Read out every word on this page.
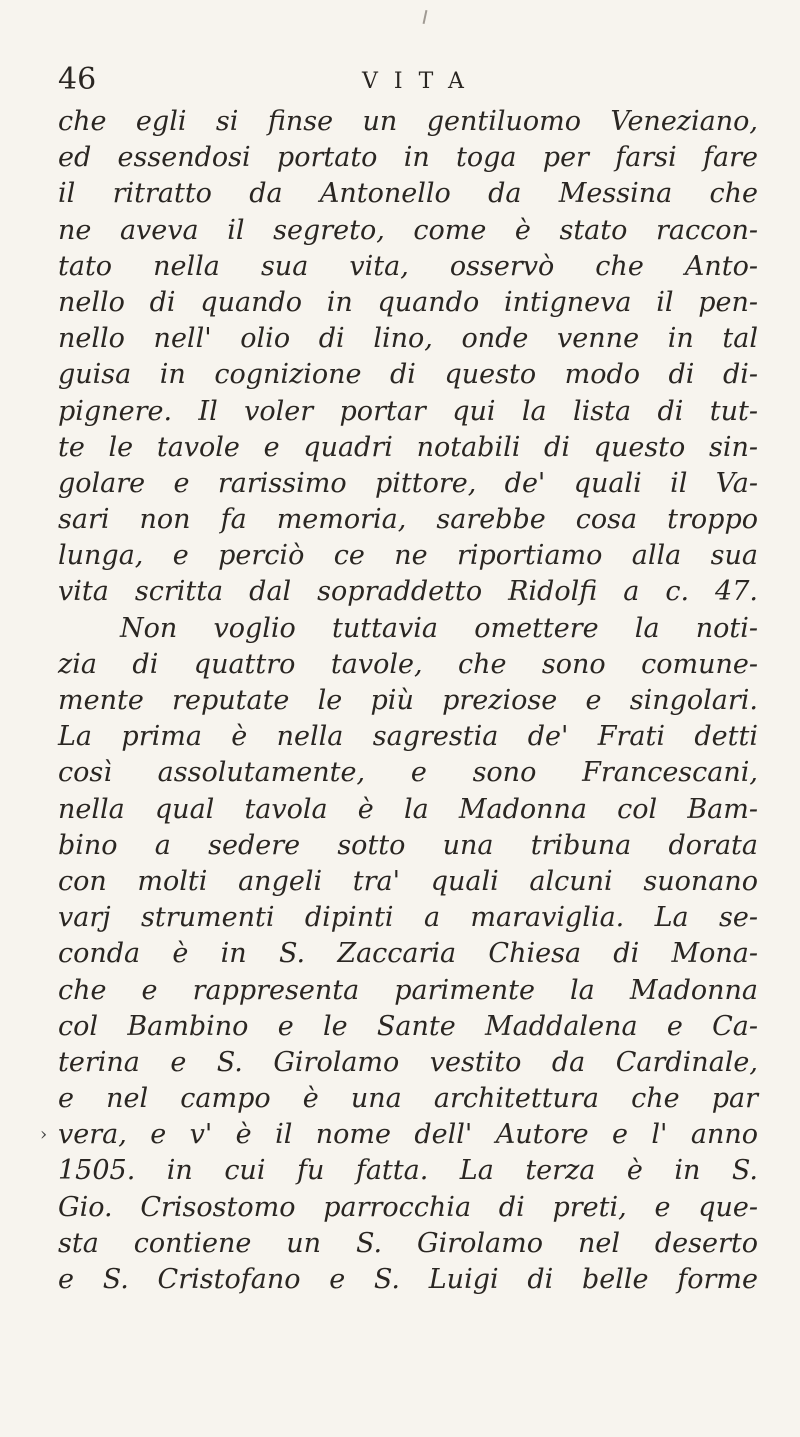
46	VITA
›
che egli si finse un gentiluomo Veneziano,
ed essendosi portato in toga per farsi fare
il ritratto da Antonello da Messina che
ne aveva il segreto, come è stato raccon-
tato nella sua vita, osservò che Anto-
nello di quando in quando intigneva il pen-
nello nell' olio di lino, onde venne in tal
guisa in cognizione di questo modo di di-
pignere. Il voler portar qui la lista di tut-
te le tavole e quadri notabili di questo sin-
golare e rarissimo pittore, de' quali il Va-
sari non fa memoria, sarebbe cosa troppo
lunga, e perciò ce ne riportiamo alla sua
vita scritta dal sopraddetto Ridolfi a c. 47.
Non voglio tuttavia omettere la noti-
zia di quattro tavole, che sono comune-
mente reputate le più preziose e singolari.
La prima è nella sagrestia de' Frati detti
così assolutamente, e sono Francescani,
nella qual tavola è la Madonna col Bam-
bino a sedere sotto una tribuna dorata
con molti angeli tra' quali alcuni suonano
varj strumenti dipinti a maraviglia. La se-
conda è in S. Zaccaria Chiesa di Mona-
che e rappresenta parimente la Madonna
col Bambino e le Sante Maddalena e Ca-
terina e S. Girolamo vestito da Cardinale,
e nel campo è una architettura che par
vera, e v' è il nome dell' Autore e l' anno
1505. in cui fu fatta. La terza è in S.
Gio. Crisostomo parrocchia di preti, e que-
sta contiene un S. Girolamo nel deserto
e S. Cristofano e S. Luigi di belle forme
